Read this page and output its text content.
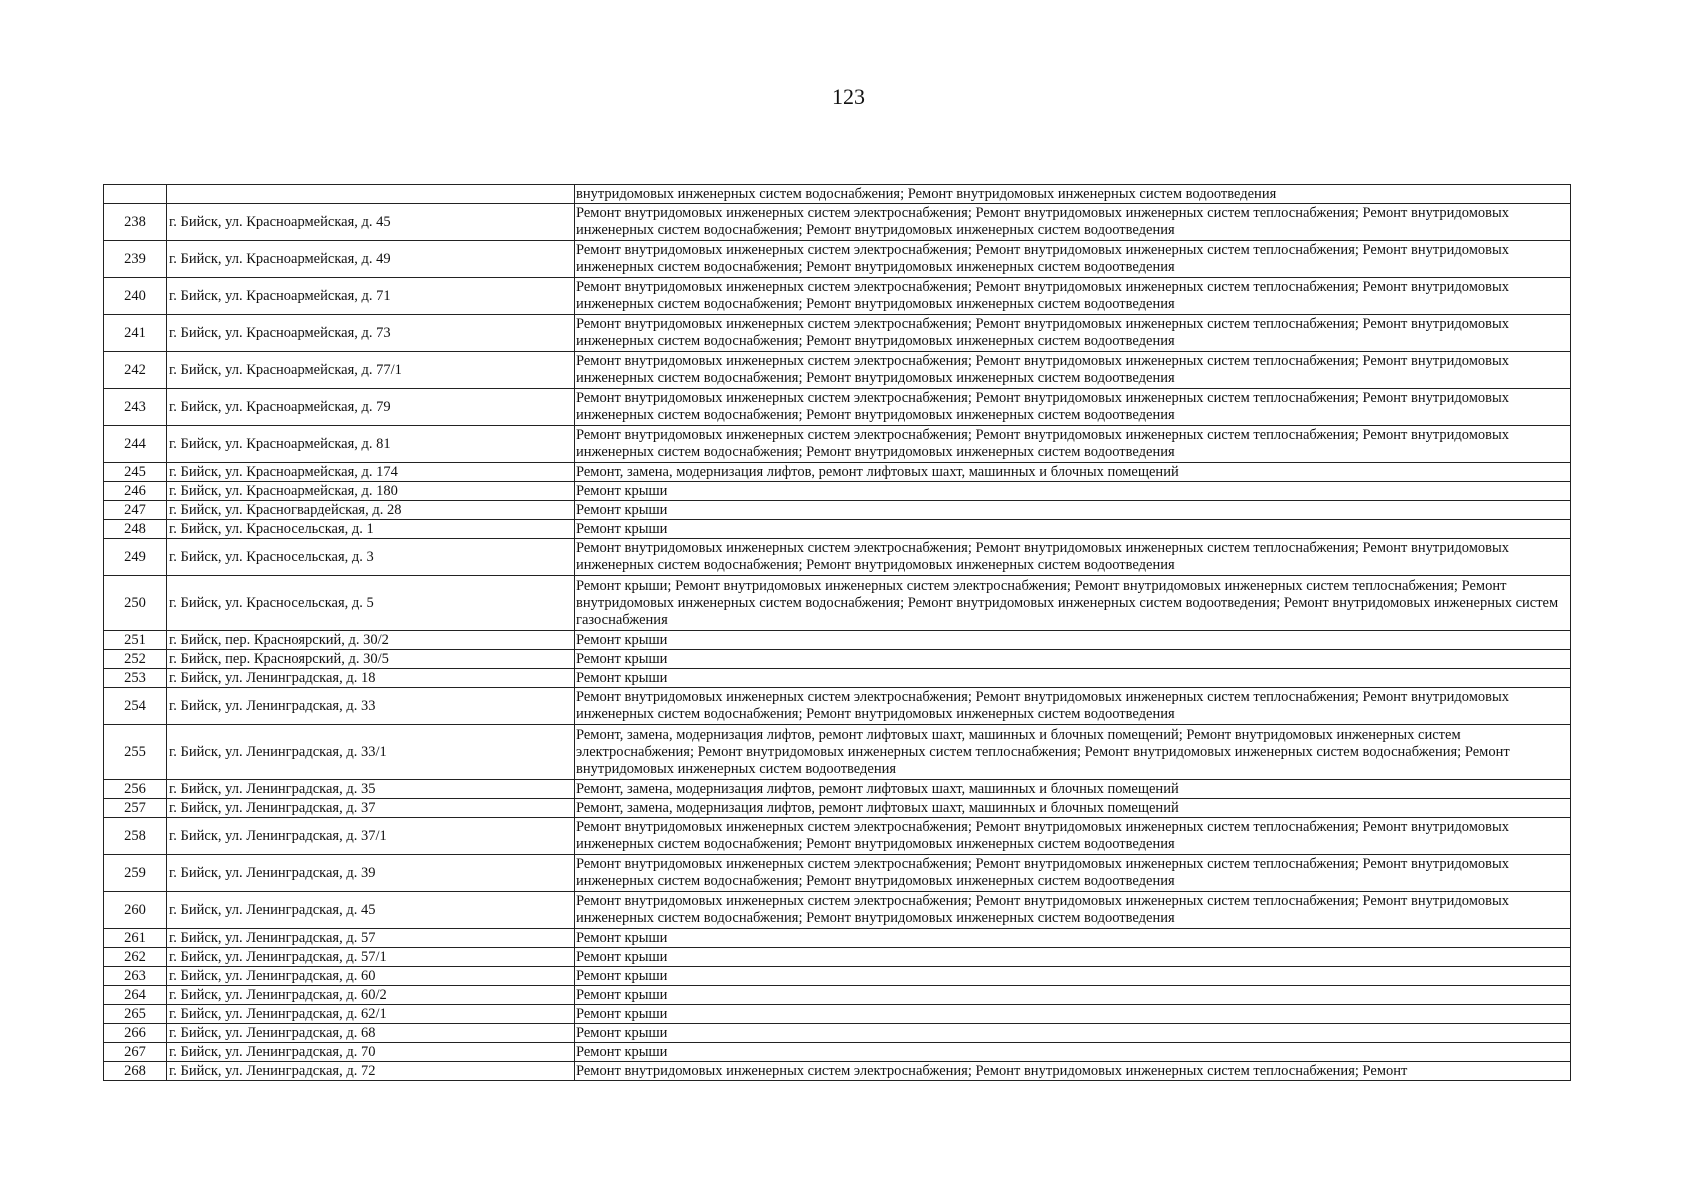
123
		внутридомовых инженерных систем водоснабжения; Ремонт внутридомовых инженерных систем водоотведения
238	г. Бийск, ул. Красноармейская, д. 45	Ремонт внутридомовых инженерных систем электроснабжения; Ремонт внутридомовых инженерных систем теплоснабжения; Ремонт внутридомовых инженерных систем водоснабжения; Ремонт внутридомовых инженерных систем водоотведения
239	г. Бийск, ул. Красноармейская, д. 49	Ремонт внутридомовых инженерных систем электроснабжения; Ремонт внутридомовых инженерных систем теплоснабжения; Ремонт внутридомовых инженерных систем водоснабжения; Ремонт внутридомовых инженерных систем водоотведения
240	г. Бийск, ул. Красноармейская, д. 71	Ремонт внутридомовых инженерных систем электроснабжения; Ремонт внутридомовых инженерных систем теплоснабжения; Ремонт внутридомовых инженерных систем водоснабжения; Ремонт внутридомовых инженерных систем водоотведения
241	г. Бийск, ул. Красноармейская, д. 73	Ремонт внутридомовых инженерных систем электроснабжения; Ремонт внутридомовых инженерных систем теплоснабжения; Ремонт внутридомовых инженерных систем водоснабжения; Ремонт внутридомовых инженерных систем водоотведения
242	г. Бийск, ул. Красноармейская, д. 77/1	Ремонт внутридомовых инженерных систем электроснабжения; Ремонт внутридомовых инженерных систем теплоснабжения; Ремонт внутридомовых инженерных систем водоснабжения; Ремонт внутридомовых инженерных систем водоотведения
243	г. Бийск, ул. Красноармейская, д. 79	Ремонт внутридомовых инженерных систем электроснабжения; Ремонт внутридомовых инженерных систем теплоснабжения; Ремонт внутридомовых инженерных систем водоснабжения; Ремонт внутридомовых инженерных систем водоотведения
244	г. Бийск, ул. Красноармейская, д. 81	Ремонт внутридомовых инженерных систем электроснабжения; Ремонт внутридомовых инженерных систем теплоснабжения; Ремонт внутридомовых инженерных систем водоснабжения; Ремонт внутридомовых инженерных систем водоотведения
245	г. Бийск, ул. Красноармейская, д. 174	Ремонт, замена, модернизация лифтов, ремонт лифтовых шахт, машинных и блочных помещений
246	г. Бийск, ул. Красноармейская, д. 180	Ремонт крыши
247	г. Бийск, ул. Красногвардейская, д. 28	Ремонт крыши
248	г. Бийск, ул. Красносельская, д. 1	Ремонт крыши
249	г. Бийск, ул. Красносельская, д. 3	Ремонт внутридомовых инженерных систем электроснабжения; Ремонт внутридомовых инженерных систем теплоснабжения; Ремонт внутридомовых инженерных систем водоснабжения; Ремонт внутридомовых инженерных систем водоотведения
250	г. Бийск, ул. Красносельская, д. 5	Ремонт крыши; Ремонт внутридомовых инженерных систем электроснабжения; Ремонт внутридомовых инженерных систем теплоснабжения; Ремонт внутридомовых инженерных систем водоснабжения; Ремонт внутридомовых инженерных систем водоотведения; Ремонт внутридомовых инженерных систем газоснабжения
251	г. Бийск, пер. Красноярский, д. 30/2	Ремонт крыши
252	г. Бийск, пер. Красноярский, д. 30/5	Ремонт крыши
253	г. Бийск, ул. Ленинградская, д. 18	Ремонт крыши
254	г. Бийск, ул. Ленинградская, д. 33	Ремонт внутридомовых инженерных систем электроснабжения; Ремонт внутридомовых инженерных систем теплоснабжения; Ремонт внутридомовых инженерных систем водоснабжения; Ремонт внутридомовых инженерных систем водоотведения
255	г. Бийск, ул. Ленинградская, д. 33/1	Ремонт, замена, модернизация лифтов, ремонт лифтовых шахт, машинных и блочных помещений; Ремонт внутридомовых инженерных систем электроснабжения; Ремонт внутридомовых инженерных систем теплоснабжения; Ремонт внутридомовых инженерных систем водоснабжения; Ремонт внутридомовых инженерных систем водоотведения
256	г. Бийск, ул. Ленинградская, д. 35	Ремонт, замена, модернизация лифтов, ремонт лифтовых шахт, машинных и блочных помещений
257	г. Бийск, ул. Ленинградская, д. 37	Ремонт, замена, модернизация лифтов, ремонт лифтовых шахт, машинных и блочных помещений
258	г. Бийск, ул. Ленинградская, д. 37/1	Ремонт внутридомовых инженерных систем электроснабжения; Ремонт внутридомовых инженерных систем теплоснабжения; Ремонт внутридомовых инженерных систем водоснабжения; Ремонт внутридомовых инженерных систем водоотведения
259	г. Бийск, ул. Ленинградская, д. 39	Ремонт внутридомовых инженерных систем электроснабжения; Ремонт внутридомовых инженерных систем теплоснабжения; Ремонт внутридомовых инженерных систем водоснабжения; Ремонт внутридомовых инженерных систем водоотведения
260	г. Бийск, ул. Ленинградская, д. 45	Ремонт внутридомовых инженерных систем электроснабжения; Ремонт внутридомовых инженерных систем теплоснабжения; Ремонт внутридомовых инженерных систем водоснабжения; Ремонт внутридомовых инженерных систем водоотведения
261	г. Бийск, ул. Ленинградская, д. 57	Ремонт крыши
262	г. Бийск, ул. Ленинградская, д. 57/1	Ремонт крыши
263	г. Бийск, ул. Ленинградская, д. 60	Ремонт крыши
264	г. Бийск, ул. Ленинградская, д. 60/2	Ремонт крыши
265	г. Бийск, ул. Ленинградская, д. 62/1	Ремонт крыши
266	г. Бийск, ул. Ленинградская, д. 68	Ремонт крыши
267	г. Бийск, ул. Ленинградская, д. 70	Ремонт крыши
268	г. Бийск, ул. Ленинградская, д. 72	Ремонт внутридомовых инженерных систем электроснабжения; Ремонт внутридомовых инженерных систем теплоснабжения; Ремонт
